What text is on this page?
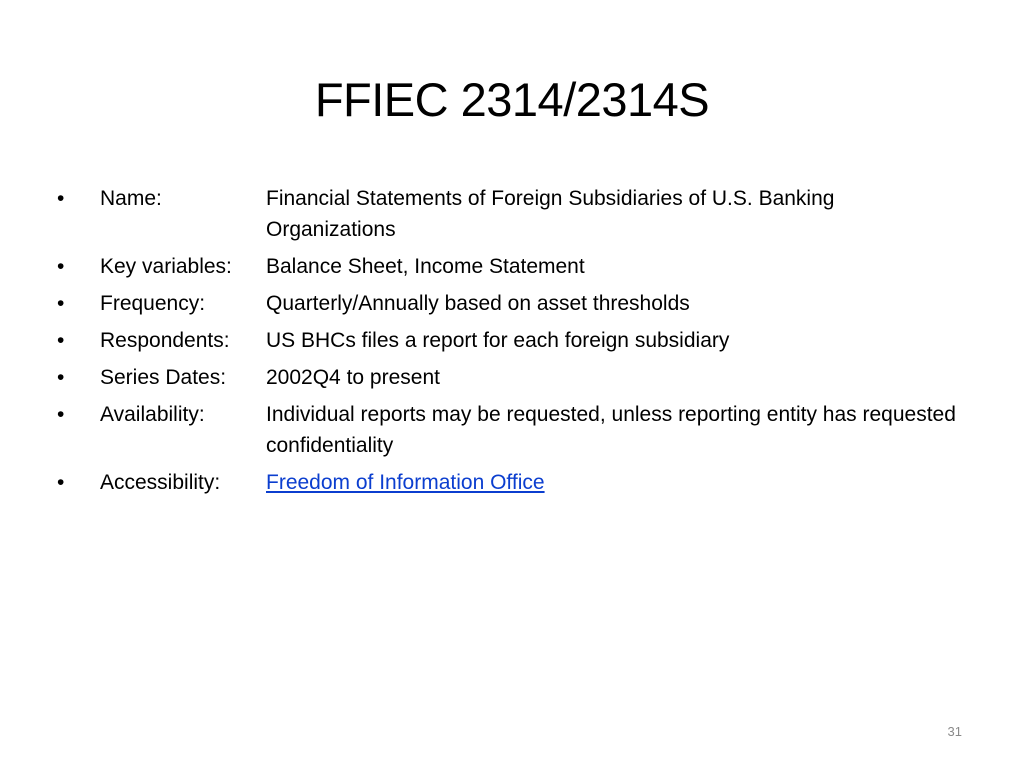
FFIEC 2314/2314S
•	Name:	Financial Statements of Foreign Subsidiaries of U.S. Banking Organizations
•	Key variables:	Balance Sheet, Income Statement
•	Frequency:	Quarterly/Annually based on asset thresholds
•	Respondents:	US BHCs files a report for each foreign subsidiary
•	Series Dates:	2002Q4 to present
•	Availability:	Individual reports may be requested, unless reporting entity has requested confidentiality
•	Accessibility:	Freedom of Information Office
31
